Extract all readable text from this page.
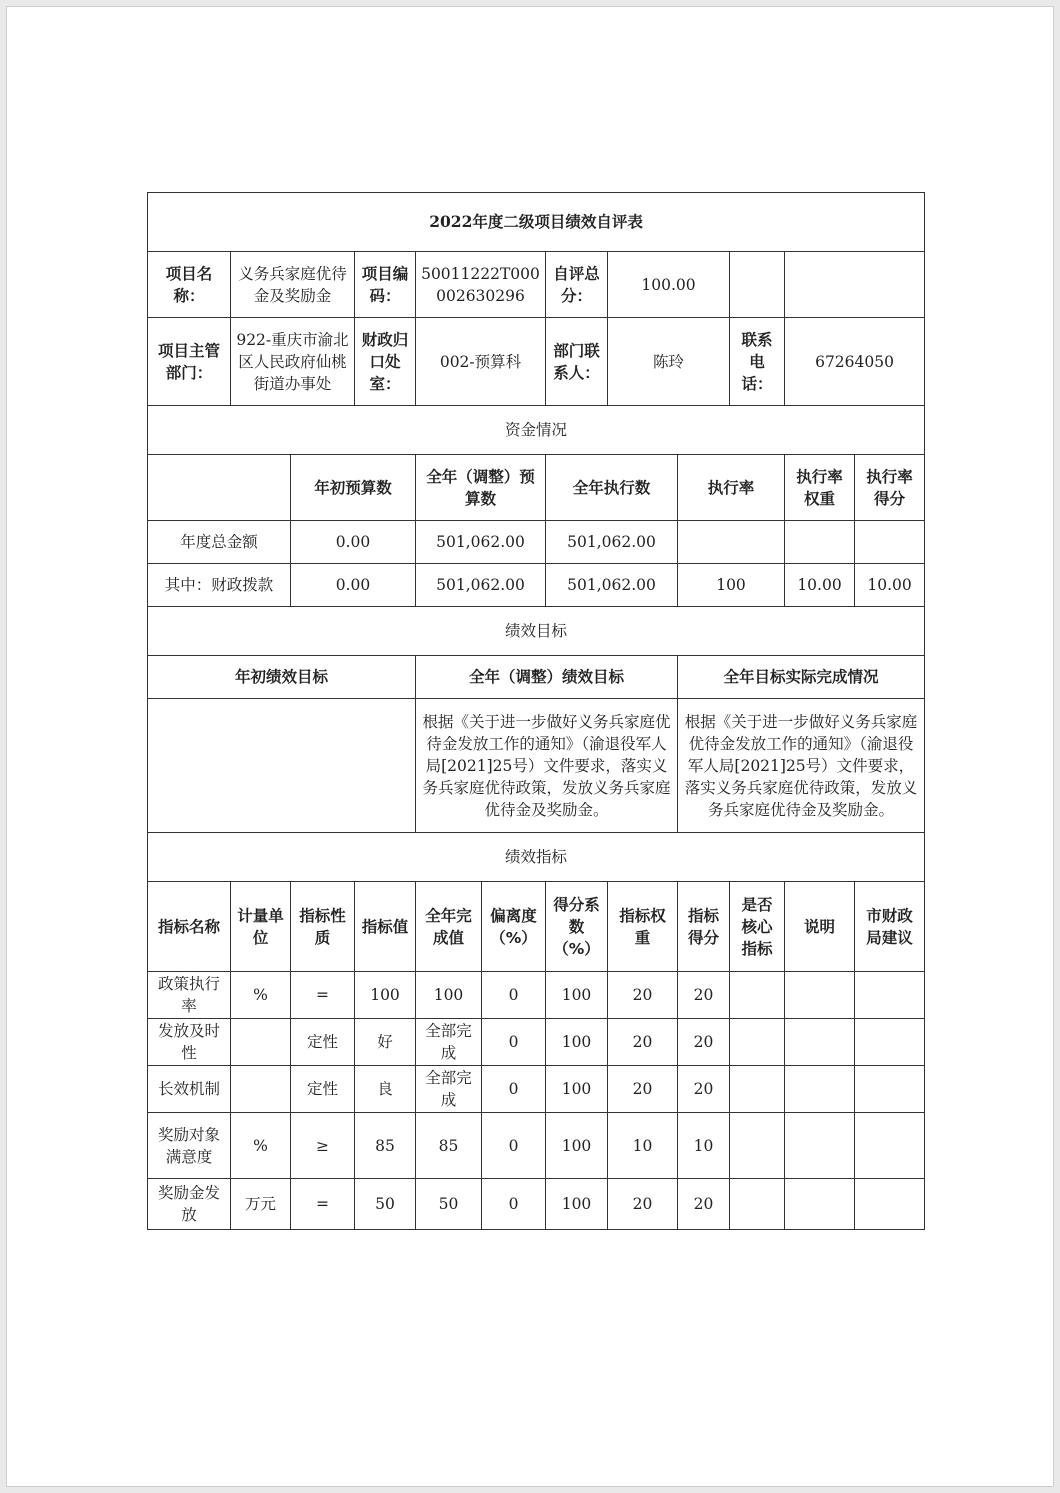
2022年度二级项目绩效自评表											
项目名称：	义务兵家庭优待金及奖励金		项目编码：	50011222T000002630296		自评总分：	100.00				
项目主管部门：	922-重庆市渝北区人民政府仙桃街道办事处		财政归口处室：	002-预算科		部门联系人：	陈玲		联系电话：	67264050	
资金情况											
		年初预算数		全年（调整）预算数		全年执行数		执行率		执行率权重	执行率得分
年度总金额		0.00		501,062.00		501,062.00					
其中：财政拨款		0.00		501,062.00		501,062.00		100		10.00	10.00
绩效目标											
年初绩效目标				全年（调整）绩效目标				全年目标实际完成情况			
				根据《关于进一步做好义务兵家庭优待金发放工作的通知》（渝退役军人局[2021]25号）文件要求，落实义务兵家庭优待政策，发放义务兵家庭优待金及奖励金。				根据《关于进一步做好义务兵家庭优待金发放工作的通知》（渝退役军人局[2021]25号）文件要求，落实义务兵家庭优待政策，发放义务兵家庭优待金及奖励金。			
绩效指标											
指标名称	计量单位	指标性质	指标值	全年完成值	偏离度（%）	得分系数（%）	指标权重	指标得分	是否核心指标	说明	市财政局建议
政策执行率	%	=	100	100	0	100	20	20			
发放及时性		定性	好	全部完成	0	100	20	20			
长效机制		定性	良	全部完成	0	100	20	20			
奖励对象满意度	%	≥	85	85	0	100	10	10			
奖励金发放	万元	=	50	50	0	100	20	20			
